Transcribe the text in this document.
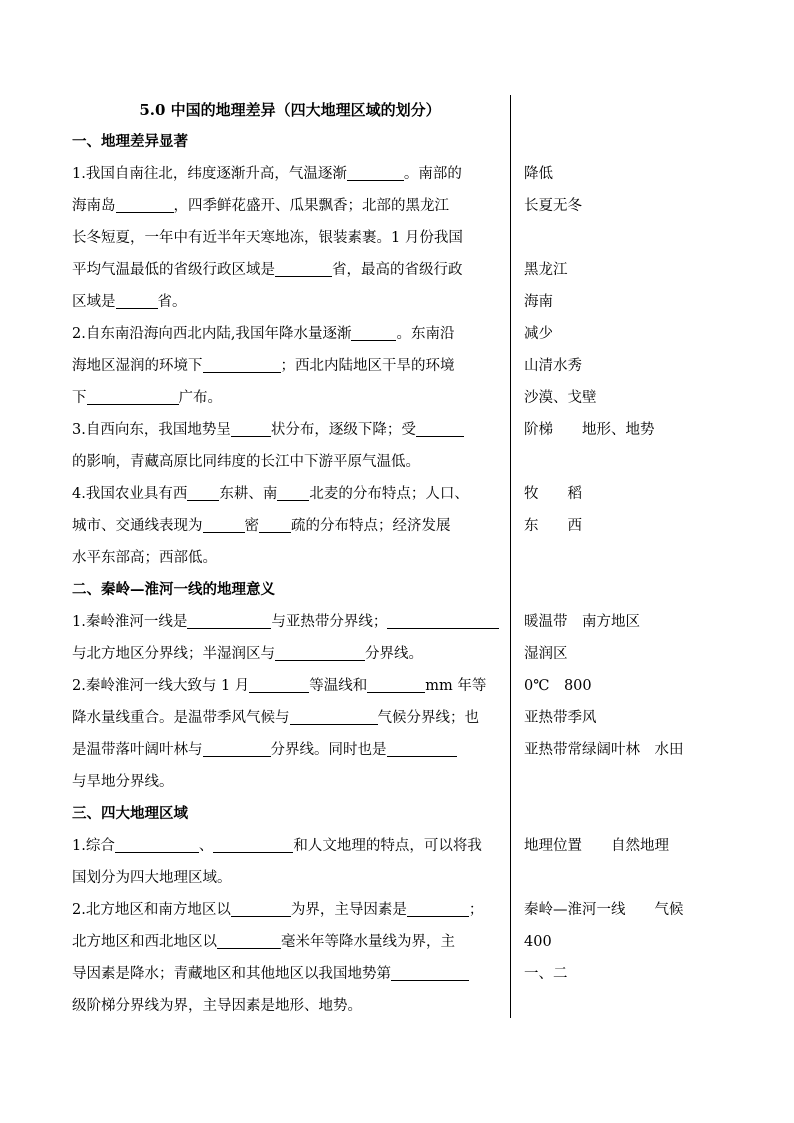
5.0 中国的地理差异（四大地理区域的划分）
一、地理差异显著
1.我国自南往北，纬度逐渐升高，气温逐渐	。南部的	降低
海南岛	，四季鲜花盛开、瓜果飘香；北部的黑龙江	长夏无冬
长冬短夏，一年中有近半年天寒地冻，银装素裹。1 月份我国
平均气温最低的省级行政区域是	省，最高的省级行政	黑龙江
区域是	省。	海南
2.自东南沿海向西北内陆,我国年降水量逐渐	。东南沿	减少
海地区湿润的环境下	；西北内陆地区干旱的环境	山清水秀
下	广布。	沙漠、戈壁
3.自西向东，我国地势呈	状分布，逐级下降；受	阶梯　　地形、地势
的影响，青藏高原比同纬度的长江中下游平原气温低。
4.我国农业具有西 东耕、南 北麦的分布特点；人口、	牧　　稻
城市、交通线表现为	密 疏的分布特点；经济发展	东　　西
水平东部高；西部低。
二、秦岭—淮河一线的地理意义
1.秦岭淮河一线是	与亚热带分界线；	暖温带　南方地区
与北方地区分界线；半湿润区与	分界线。	湿润区
2.秦岭淮河一线大致与 1 月	等温线和	mm 年等	0℃　800
降水量线重合。是温带季风气候与	气候分界线；也	亚热带季风
是温带落叶阔叶林与	分界线。同时也是	亚热带常绿阔叶林　水田
与旱地分界线。
三、四大地理区域
1.综合	、	和人文地理的特点，可以将我	地理位置　　自然地理
国划分为四大地理区域。
2.北方地区和南方地区以	为界，主导因素是	；	秦岭—淮河一线　　气候
北方地区和西北地区以	毫米年等降水量线为界，主	400
导因素是降水；青藏地区和其他地区以我国地势第	一、二
级阶梯分界线为界，主导因素是地形、地势。
